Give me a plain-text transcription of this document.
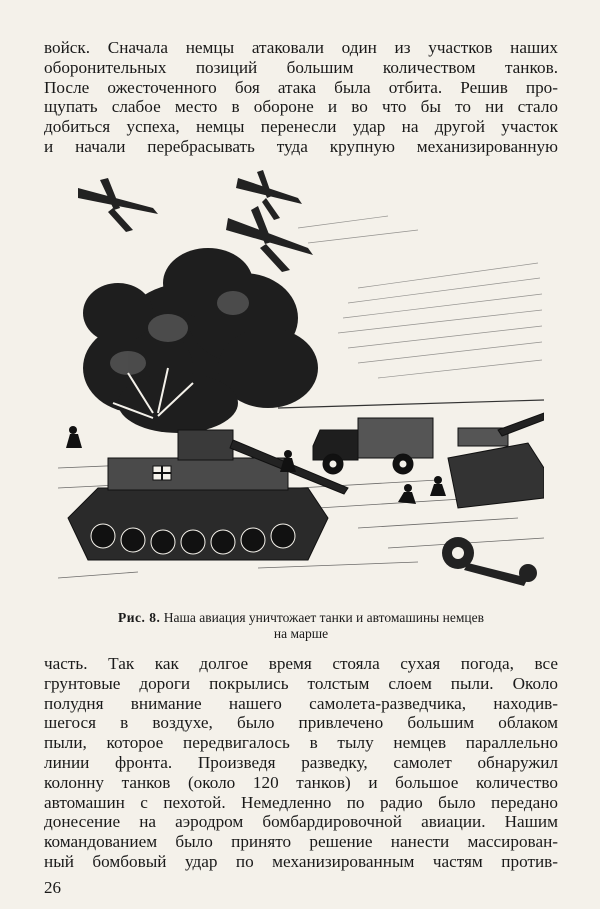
войск. Сначала немцы атаковали один из участков наших
оборонительных позиций большим количеством танков.
После ожесточенного боя атака была отбита. Решив про-
щупать слабое место в обороне и во что бы то ни стало
добиться успеха, немцы перенесли удар на другой участок
и начали перебрасывать туда крупную механизированную

Рис. 8. Наша авиация уничтожает танки и автомашины немцев
на марше

часть. Так как долгое время стояла сухая погода, все
грунтовые дороги покрылись толстым слоем пыли. Около
полудня внимание нашего самолета-разведчика, находив-
шегося в воздухе, было привлечено большим облаком
пыли, которое передвигалось в тылу немцев параллельно
линии фронта. Произведя разведку, самолет обнаружил
колонну танков (около 120 танков) и большое количество
автомашин с пехотой. Немедленно по радио было передано
донесение на аэродром бомбардировочной авиации. Нашим
командованием было принято решение нанести массирован-
ный бомбовый удар по механизированным частям против-

26
